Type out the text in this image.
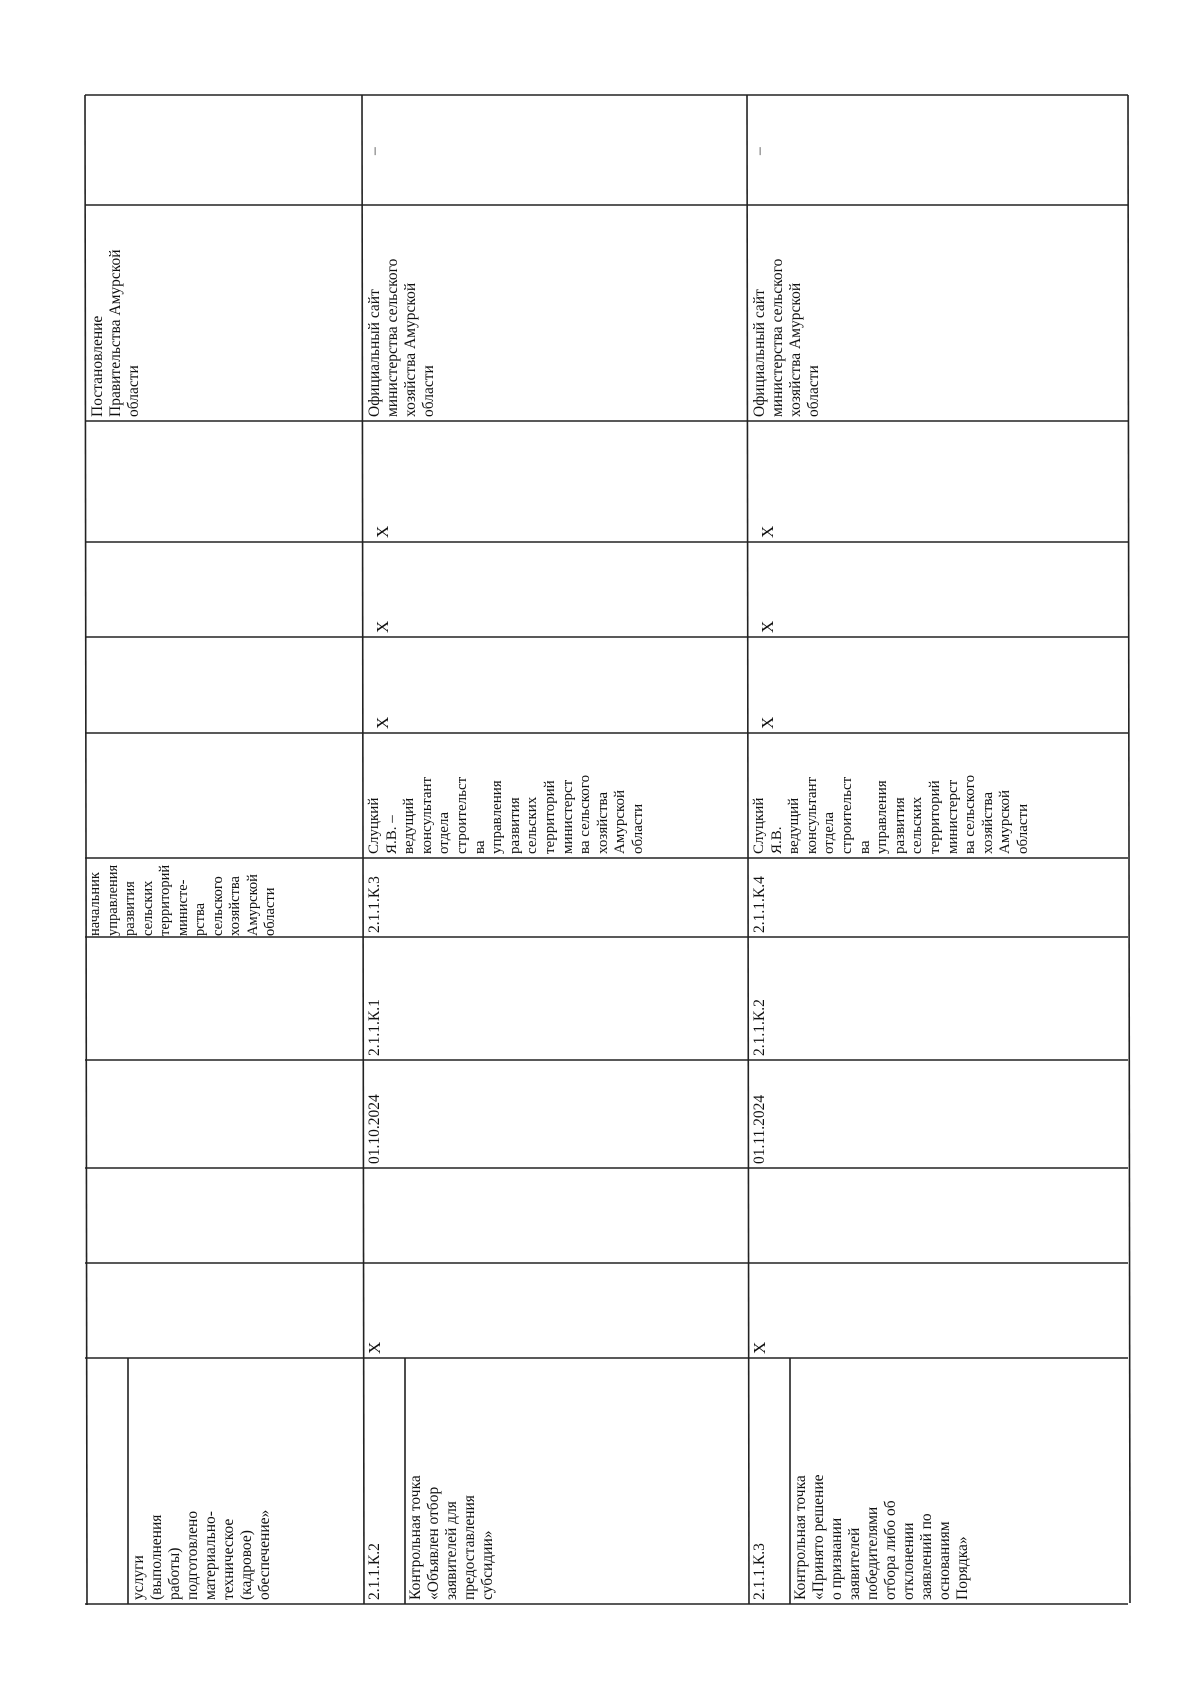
услуги
(выполнения
работы)
подготовлено
материально-
техническое
(кадровое)
обеспечение»
начальник
управления
развития
сельских
территорий
министе-
рства
сельского
хозяйства
Амурской
области
Постановление
Правительства Амурской
области
2.1.1.К.2	Контрольная точка
«Объявлен отбор
заявителей для
предоставления
субсидии»
Х
01.10.2024
2.1.1.К.1
2.1.1.К.3
Слуцкий
Я.В. –
ведущий
консультант
отдела
строительст
ва
управления
развития
сельских
территорий
министерст
ва сельского
хозяйства
Амурской
области
Х
Х
Х
Официальный сайт
министерства сельского
хозяйства Амурской
области
–
2.1.1.К.3	Контрольная точка
«Принято решение
о признании
заявителей
победителями
отбора либо об
отклонении
заявлений по
основаниям
Порядка»
Х
01.11.2024
2.1.1.К.2
2.1.1.К.4
Слуцкий
Я.В.
ведущий
консультант
отдела
строительст
ва
управления
развития
сельских
территорий
министерст
ва сельского
хозяйства
Амурской
области
Х
Х
Х
Официальный сайт
министерства сельского
хозяйства Амурской
области
–
